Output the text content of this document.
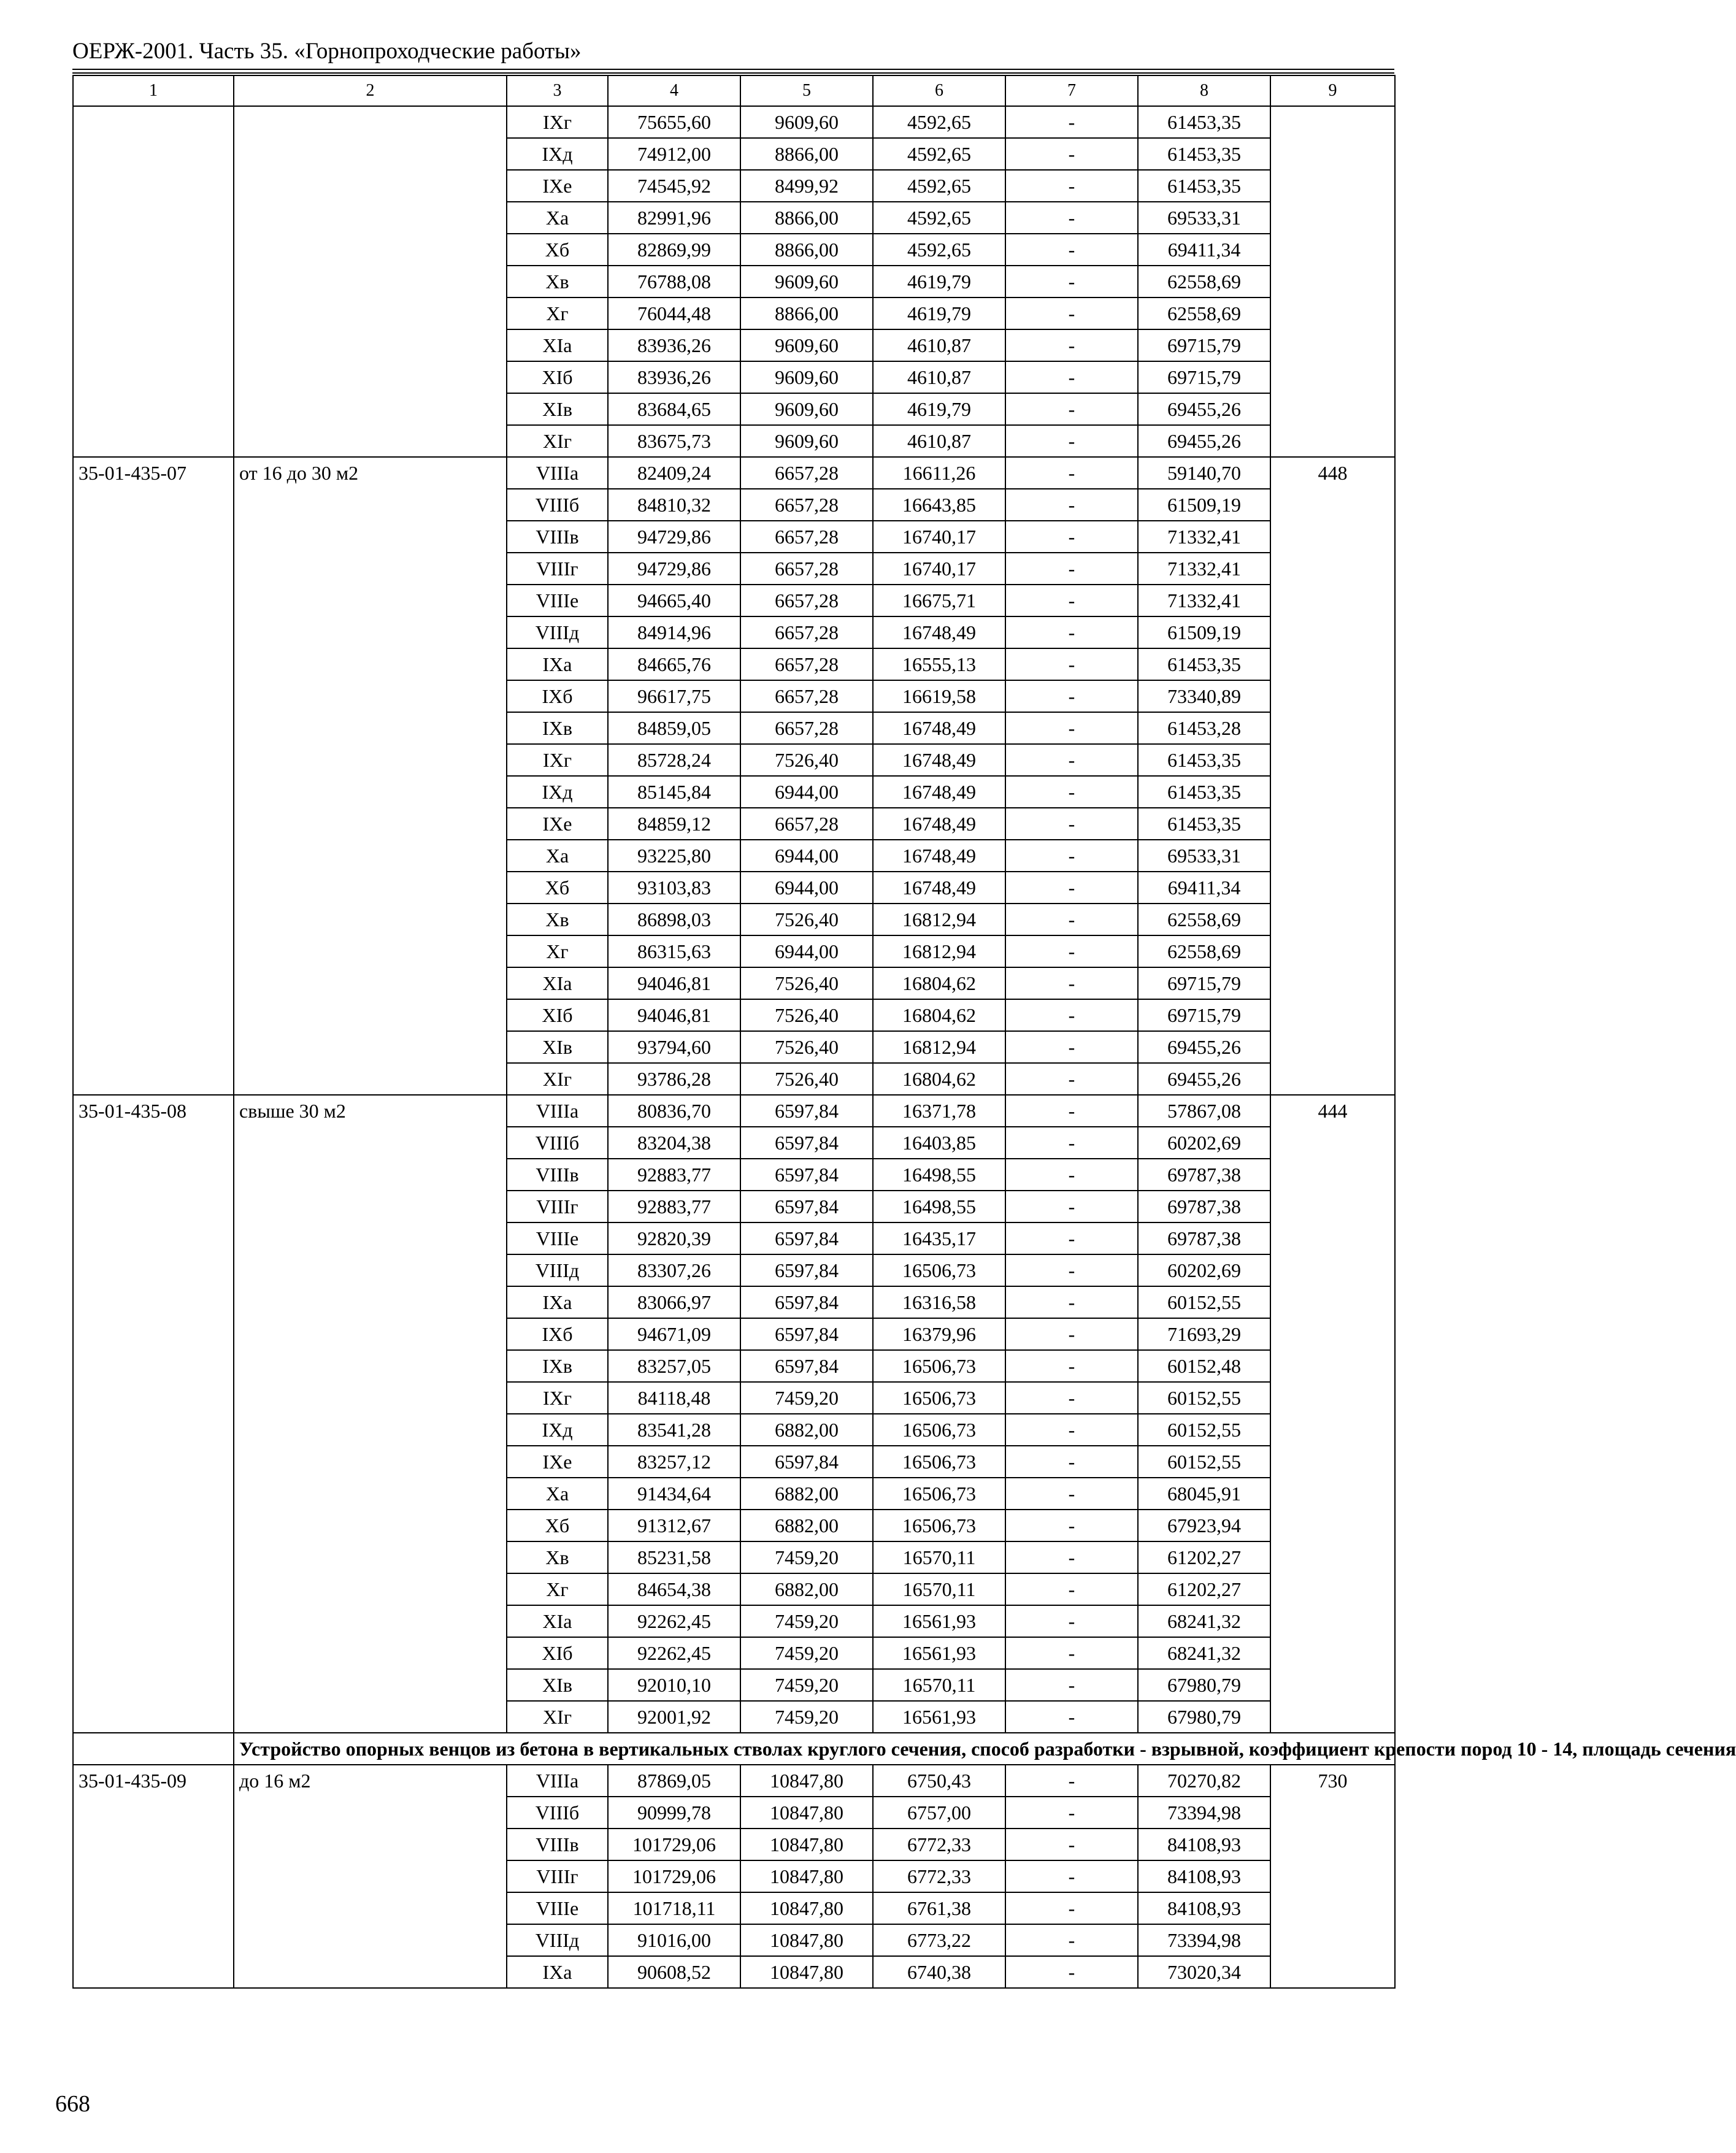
ОЕРЖ-2001. Часть 35. «Горнопроходческие работы»
1	2	3	4	5	6	7	8	9
		IXг	75655,60	9609,60	4592,65	-	61453,35	
		IXд	74912,00	8866,00	4592,65	-	61453,35	
		IXе	74545,92	8499,92	4592,65	-	61453,35	
		Xа	82991,96	8866,00	4592,65	-	69533,31	
		Xб	82869,99	8866,00	4592,65	-	69411,34	
		Xв	76788,08	9609,60	4619,79	-	62558,69	
		Xг	76044,48	8866,00	4619,79	-	62558,69	
		XIа	83936,26	9609,60	4610,87	-	69715,79	
		XIб	83936,26	9609,60	4610,87	-	69715,79	
		XIв	83684,65	9609,60	4619,79	-	69455,26	
		XIг	83675,73	9609,60	4610,87	-	69455,26	
35-01-435-07	от 16 до 30 м2	VIIIа	82409,24	6657,28	16611,26	-	59140,70	448
		VIIIб	84810,32	6657,28	16643,85	-	61509,19	
		VIIIв	94729,86	6657,28	16740,17	-	71332,41	
		VIIIг	94729,86	6657,28	16740,17	-	71332,41	
		VIIIе	94665,40	6657,28	16675,71	-	71332,41	
		VIIIд	84914,96	6657,28	16748,49	-	61509,19	
		IXа	84665,76	6657,28	16555,13	-	61453,35	
		IXб	96617,75	6657,28	16619,58	-	73340,89	
		IXв	84859,05	6657,28	16748,49	-	61453,28	
		IXг	85728,24	7526,40	16748,49	-	61453,35	
		IXд	85145,84	6944,00	16748,49	-	61453,35	
		IXе	84859,12	6657,28	16748,49	-	61453,35	
		Xа	93225,80	6944,00	16748,49	-	69533,31	
		Xб	93103,83	6944,00	16748,49	-	69411,34	
		Xв	86898,03	7526,40	16812,94	-	62558,69	
		Xг	86315,63	6944,00	16812,94	-	62558,69	
		XIа	94046,81	7526,40	16804,62	-	69715,79	
		XIб	94046,81	7526,40	16804,62	-	69715,79	
		XIв	93794,60	7526,40	16812,94	-	69455,26	
		XIг	93786,28	7526,40	16804,62	-	69455,26	
35-01-435-08	свыше 30 м2	VIIIа	80836,70	6597,84	16371,78	-	57867,08	444
		VIIIб	83204,38	6597,84	16403,85	-	60202,69	
		VIIIв	92883,77	6597,84	16498,55	-	69787,38	
		VIIIг	92883,77	6597,84	16498,55	-	69787,38	
		VIIIе	92820,39	6597,84	16435,17	-	69787,38	
		VIIIд	83307,26	6597,84	16506,73	-	60202,69	
		IXа	83066,97	6597,84	16316,58	-	60152,55	
		IXб	94671,09	6597,84	16379,96	-	71693,29	
		IXв	83257,05	6597,84	16506,73	-	60152,48	
		IXг	84118,48	7459,20	16506,73	-	60152,55	
		IXд	83541,28	6882,00	16506,73	-	60152,55	
		IXе	83257,12	6597,84	16506,73	-	60152,55	
		Xа	91434,64	6882,00	16506,73	-	68045,91	
		Xб	91312,67	6882,00	16506,73	-	67923,94	
		Xв	85231,58	7459,20	16570,11	-	61202,27	
		Xг	84654,38	6882,00	16570,11	-	61202,27	
		XIа	92262,45	7459,20	16561,93	-	68241,32	
		XIб	92262,45	7459,20	16561,93	-	68241,32	
		XIв	92010,10	7459,20	16570,11	-	67980,79	
		XIг	92001,92	7459,20	16561,93	-	67980,79	
	Устройство опорных венцов из бетона в вертикальных стволах круглого сечения, способ разработки - взрывной, коэффициент крепости пород 10 - 14, площадь сечения							
35-01-435-09	до 16 м2	VIIIа	87869,05	10847,80	6750,43	-	70270,82	730
		VIIIб	90999,78	10847,80	6757,00	-	73394,98	
		VIIIв	101729,06	10847,80	6772,33	-	84108,93	
		VIIIг	101729,06	10847,80	6772,33	-	84108,93	
		VIIIе	101718,11	10847,80	6761,38	-	84108,93	
		VIIIд	91016,00	10847,80	6773,22	-	73394,98	
		IXа	90608,52	10847,80	6740,38	-	73020,34	
668
